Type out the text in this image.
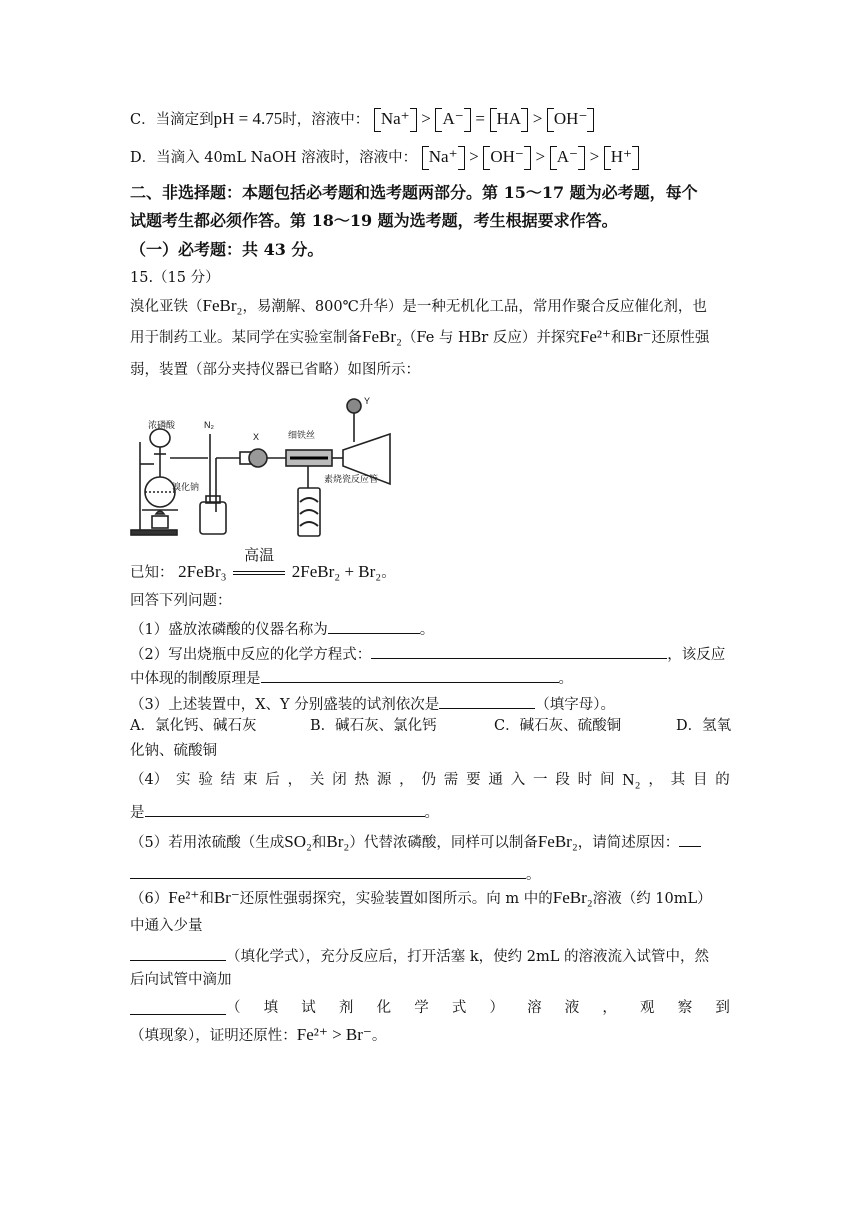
C．当滴定到pH = 4.75时，溶液中： Na⁺ > A⁻ = HA > OH⁻
D．当滴入 40mL NaOH 溶液时，溶液中： Na⁺ > OH⁻ > A⁻ > H⁺
二、非选择题：本题包括必考题和选考题两部分。第 15～17 题为必考题，每个
试题考生都必须作答。第 18～19 题为选考题，考生根据要求作答。
（一）必考题：共 43 分。
15.（15 分）
溴化亚铁（FeBr₂，易潮解、800℃升华）是一种无机化工品，常用作聚合反应催化剂，也
用于制药工业。某同学在实验室制备FeBr₂（Fe 与 HBr 反应）并探究Fe²⁺和Br⁻还原性强
弱，装置（部分夹持仪器已省略）如图所示：
浓磷酸	N₂
X	细铁丝
Y
溴化钠
素烧瓷反应管
已知： 2FeBr₃
高温
2FeBr₂ + Br₂。
回答下列问题：
（1）盛放浓磷酸的仪器名称为	。
（2）写出烧瓶中反应的化学方程式：	，该反应
中体现的制酸原理是	。
（3）上述装置中，X、Y 分别盛装的试剂依次是	（填字母）。
A．氯化钙、碱石灰	B．碱石灰、氯化钙	C．碱石灰、硫酸铜	D．氢氧
化钠、硫酸铜
（4） 实 验 结 束 后 ， 关 闭 热 源 ， 仍 需 要 通 入 一 段 时 间 N₂ ， 其 目 的
是	。
（5）若用浓硫酸（生成SO₂和Br₂）代替浓磷酸，同样可以制备FeBr₂，请简述原因：
。
（6）Fe²⁺和Br⁻还原性强弱探究，实验装置如图所示。向 m 中的FeBr₂溶液（约 10mL）
中通入少量
（填化学式），充分反应后，打开活塞 k，使约 2mL 的溶液流入试管中，然
后向试管中滴加
（ 填 试 剂 化 学 式 ） 溶 液 ， 观 察 到
（填现象），证明还原性：Fe²⁺ > Br⁻。
